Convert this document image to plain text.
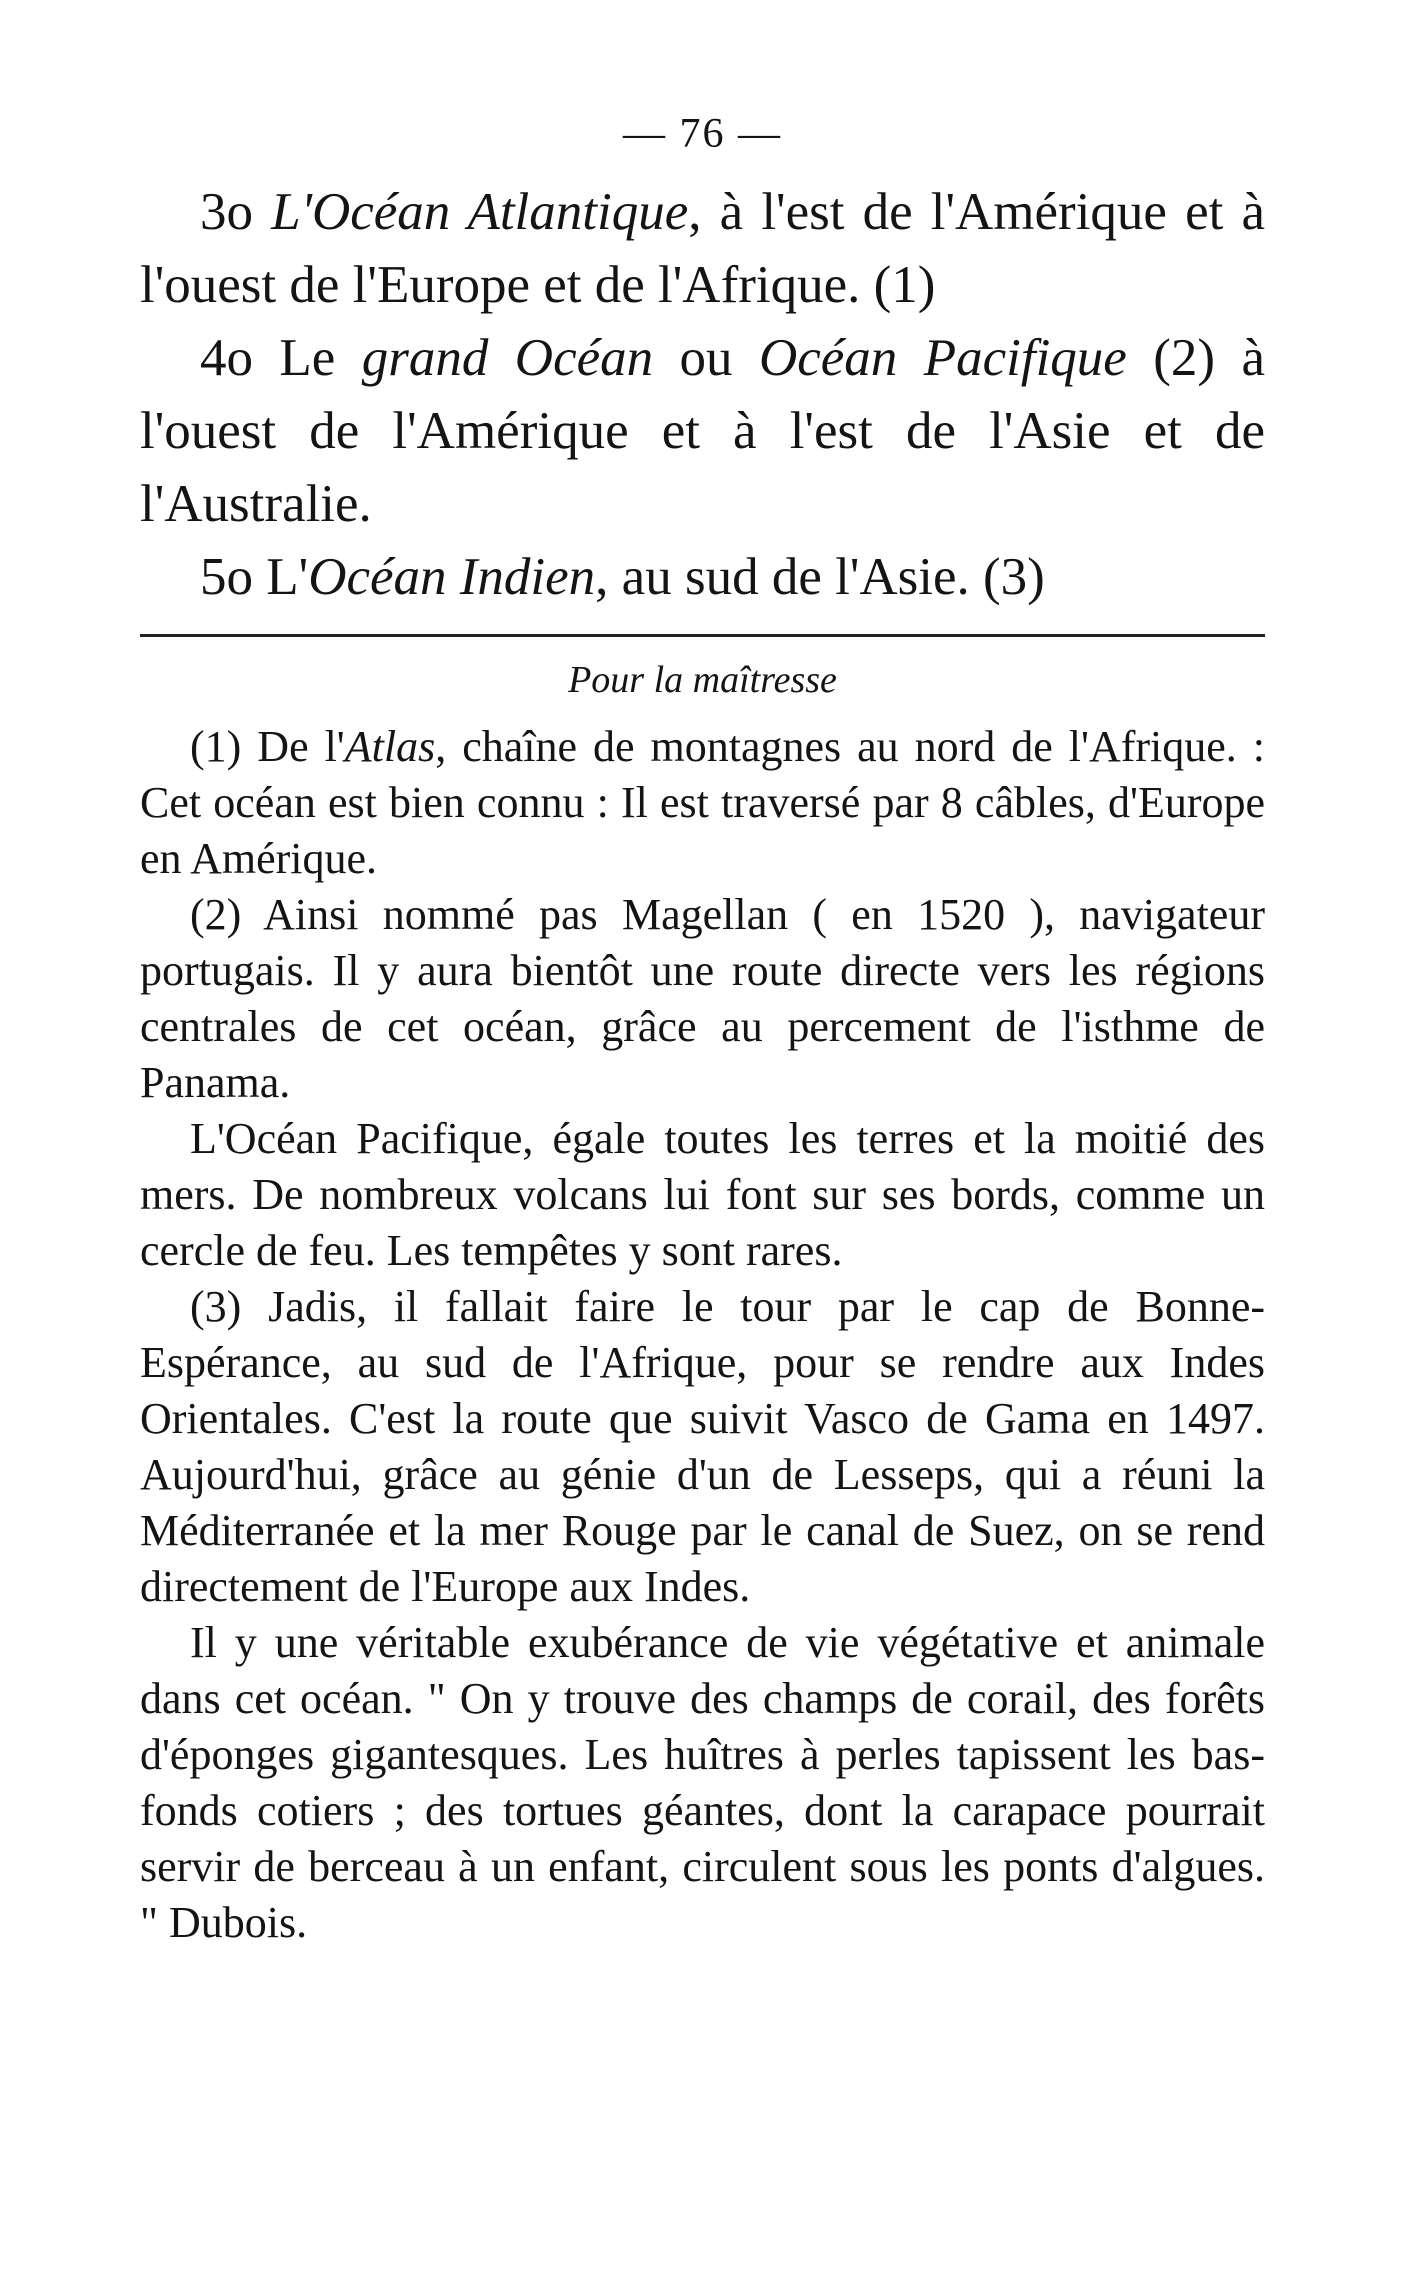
— 76 —

3o L'Océan Atlantique, à l'est de l'Amérique et à l'ouest de l'Europe et de l'Afrique. (1)

4o Le grand Océan ou Océan Pacifique (2) à l'ouest de l'Amérique et à l'est de l'Asie et de l'Australie.

5o L'Océan Indien, au sud de l'Asie. (3)

Pour la maîtresse

(1) De l'Atlas, chaîne de montagnes au nord de l'Afrique. : Cet océan est bien connu : Il est traversé par 8 câbles, d'Europe en Amérique.

(2) Ainsi nommé pas Magellan ( en 1520 ), navigateur portugais. Il y aura bientôt une route directe vers les régions centrales de cet océan, grâce au percement de l'isthme de Panama.

L'Océan Pacifique, égale toutes les terres et la moitié des mers. De nombreux volcans lui font sur ses bords, comme un cercle de feu. Les tempêtes y sont rares.

(3) Jadis, il fallait faire le tour par le cap de Bonne-Espérance, au sud de l'Afrique, pour se rendre aux Indes Orientales. C'est la route que suivit Vasco de Gama en 1497. Aujourd'hui, grâce au génie d'un de Lesseps, qui a réuni la Méditerranée et la mer Rouge par le canal de Suez, on se rend directement de l'Europe aux Indes.

Il y une véritable exubérance de vie végétative et animale dans cet océan. " On y trouve des champs de corail, des forêts d'éponges gigantesques. Les huîtres à perles tapissent les bas-fonds cotiers ; des tortues géantes, dont la carapace pourrait servir de berceau à un enfant, circulent sous les ponts d'algues. " Dubois.
